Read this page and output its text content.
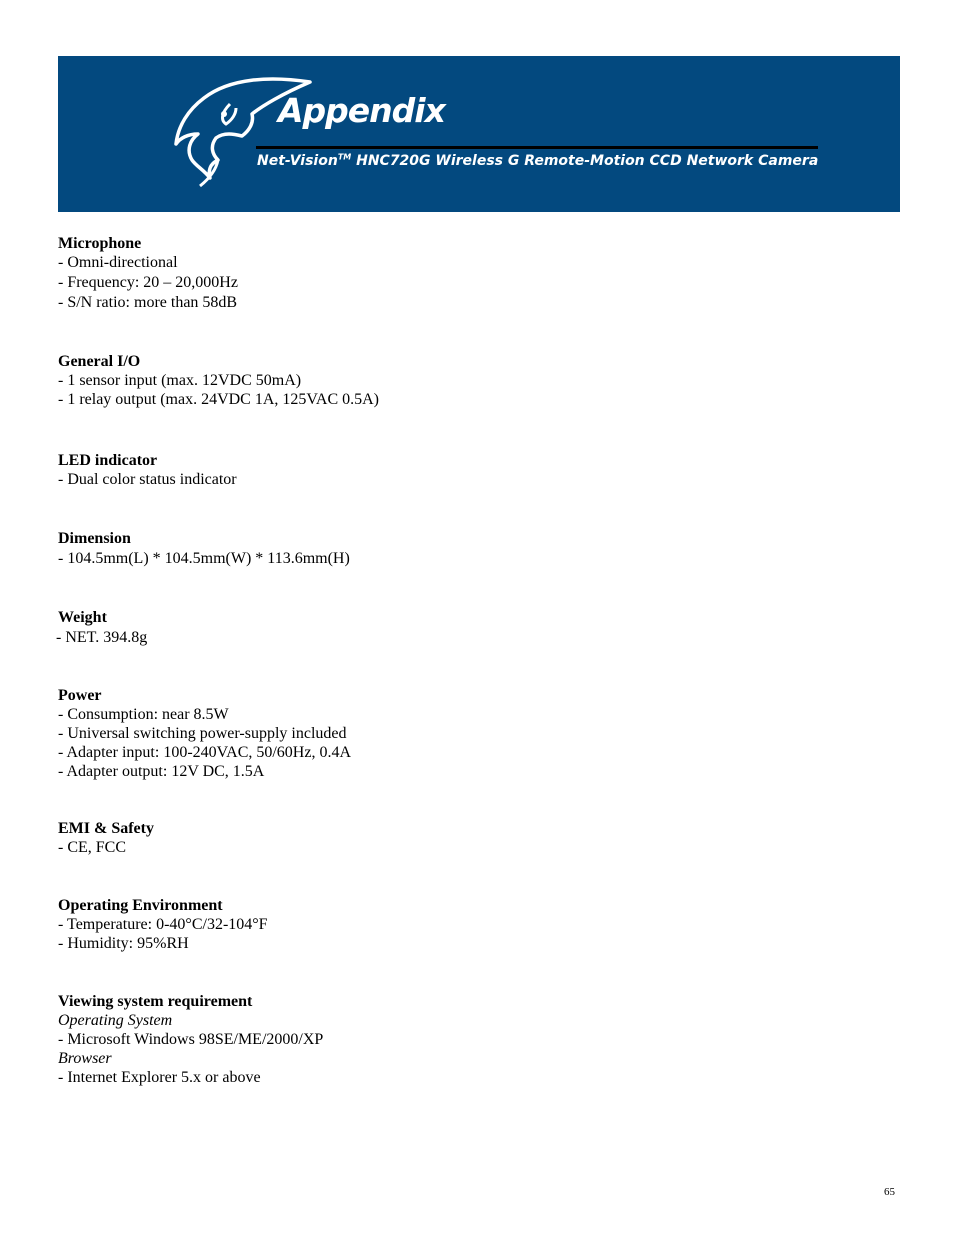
Appendix
Net-Vision™ HNC720G Wireless G Remote-Motion CCD Network Camera
Microphone
- Omni-directional
- Frequency: 20 – 20,000Hz
- S/N ratio: more than 58dB
General I/O
- 1 sensor input (max. 12VDC 50mA)
- 1 relay output (max. 24VDC 1A, 125VAC 0.5A)
LED indicator
- Dual color status indicator
Dimension
- 104.5mm(L) * 104.5mm(W) * 113.6mm(H)
Weight
- NET. 394.8g
Power
- Consumption: near 8.5W
- Universal switching power-supply included
- Adapter input: 100-240VAC, 50/60Hz, 0.4A
- Adapter output: 12V DC, 1.5A
EMI & Safety
- CE, FCC
Operating Environment
- Temperature: 0-40°C/32-104°F
- Humidity: 95%RH
Viewing system requirement
Operating System
- Microsoft Windows 98SE/ME/2000/XP
Browser
- Internet Explorer 5.x or above
65
